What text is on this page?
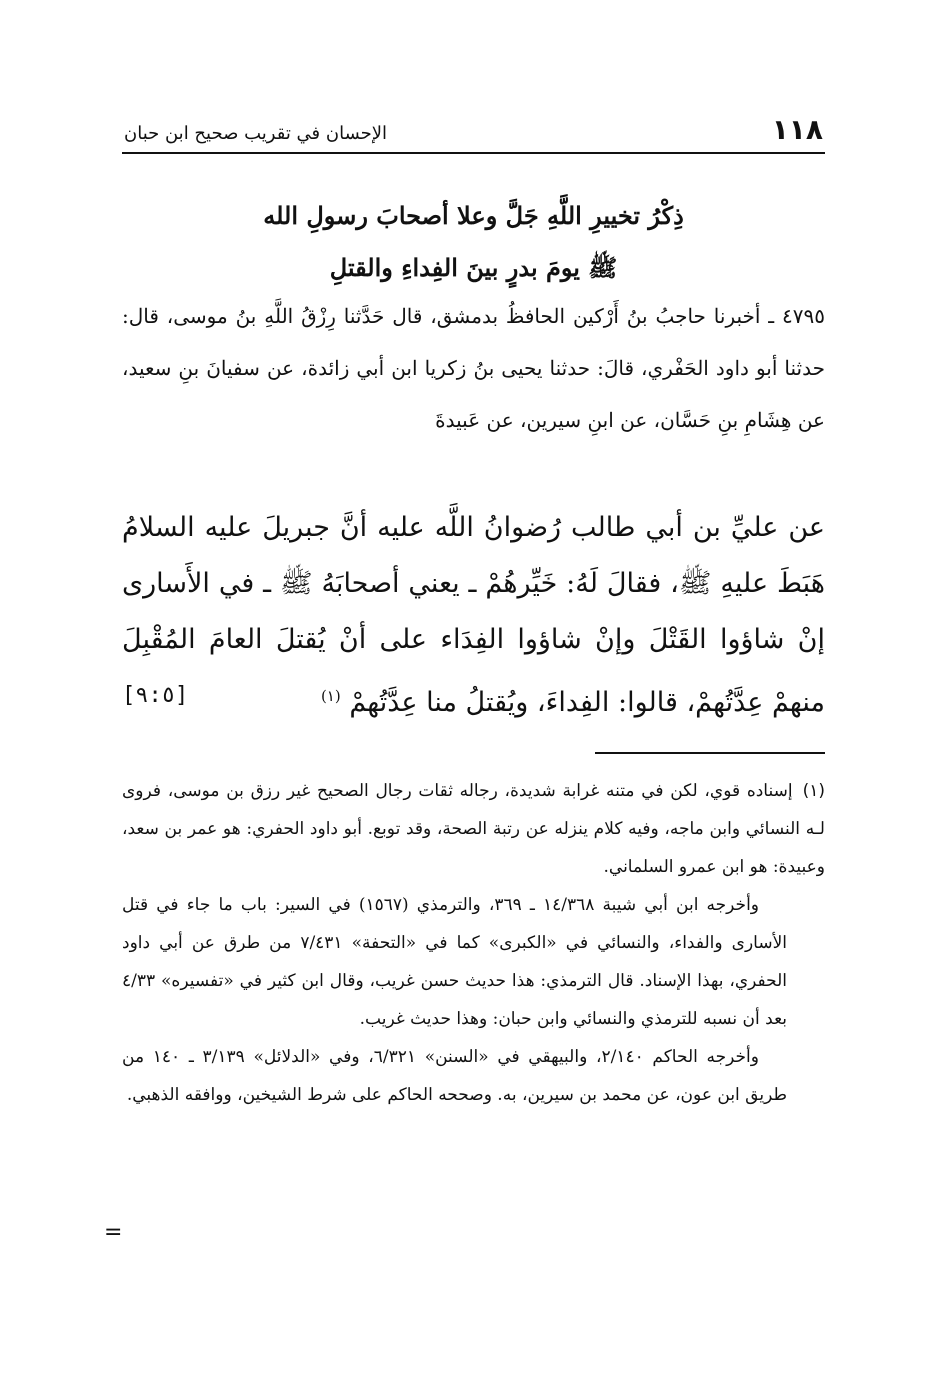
١١٨
الإحسان في تقريب صحيح ابن حبان
ذِكْرُ تخييرِ اللَّهِ جَلَّ وعلا أصحابَ رسولِ الله
ﷺ يومَ بدرٍ بينَ الفِداءِ والقتلِ
٤٧٩٥ ـ أخبرنا حاجبُ بنُ أَرْكين الحافظُ بدمشق، قال حَدَّثنا رِزْقُ اللَّهِ بنُ موسى، قال: حدثنا أبو داود الحَفْري، قالَ: حدثنا يحيى بنُ زكريا ابن أبي زائدة، عن سفيانَ بنِ سعيد، عن هِشَامِ بنِ حَسَّان، عن ابنِ سيرين، عن عَبيدةَ
عن عليِّ بن أبي طالب رُضوانُ اللَّه عليه أنَّ جبريلَ عليه السلامُ هَبَطَ عليهِ ﷺ، فقالَ لَهُ: خَيِّرهُمْ ـ يعني أصحابَهُ ﷺ ـ في الأَسارى إنْ شاؤوا القَتْلَ وإنْ شاؤوا الفِدَاء على أنْ يُقتلَ العامَ المُقْبِلَ منهمْ عِدَّتُهمْ، قالوا: الفِداءَ، ويُقتلُ منا عِدَّتُهمْ $^{(١)}$
[٩:٥]

(١)إسناده قوي، لكن في متنه غرابة شديدة، رجاله ثقات رجال الصحيح غير رزق بن موسى، فروى لـه النسائي وابن ماجه، وفيه كلام ينزله عن رتبة الصحة، وقد توبع. أبو داود الحفري: هو عمر بن سعد، وعبيدة: هو ابن عمرو السلماني.

وأخرجه ابن أبي شيبة ١٤/٣٦٨ ـ ٣٦٩، والترمذي (١٥٦٧) في السير: باب ما جاء في قتل الأسارى والفداء، والنسائي في «الكبرى» كما في «التحفة» ٧/٤٣١ من طرق عن أبي داود الحفري، بهذا الإسناد. قال الترمذي: هذا حديث حسن غريب، وقال ابن كثير في «تفسيره» ٤/٣٣ بعد أن نسبه للترمذي والنسائي وابن حبان: وهذا حديث غريب.

وأخرجه الحاكم ٢/١٤٠، والبيهقي في «السنن» ٦/٣٢١، وفي «الدلائل» ٣/١٣٩ ـ ١٤٠ من طريق ابن عون، عن محمد بن سيرين، به. وصححه الحاكم على شرط الشيخين، ووافقه الذهبي.

=
